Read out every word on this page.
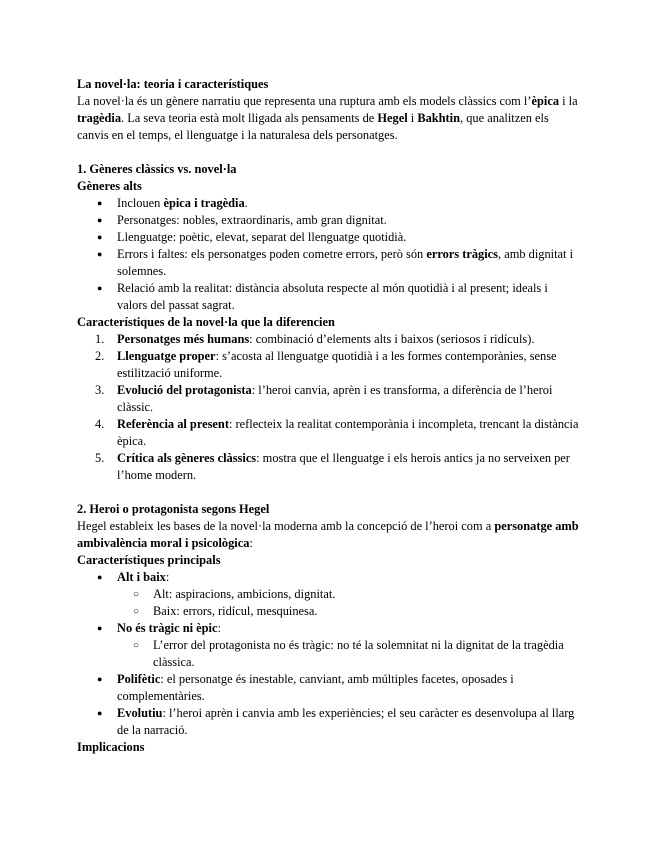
La novel·la: teoria i característiques

La novel·la és un gènere narratiu que representa una ruptura amb els models clàssics com l’èpica i la tragèdia. La seva teoria està molt lligada als pensaments de Hegel i Bakhtin, que analitzen els canvis en el temps, el llenguatge i la naturalesa dels personatges.

1. Gèneres clàssics vs. novel·la
Gèneres alts
● Inclouen èpica i tragèdia.
● Personatges: nobles, extraordinaris, amb gran dignitat.
● Llenguatge: poètic, elevat, separat del llenguatge quotidià.
● Errors i faltes: els personatges poden cometre errors, però són errors tràgics, amb dignitat i solemnes.
● Relació amb la realitat: distància absoluta respecte al món quotidià i al present; ideals i valors del passat sagrat.
Característiques de la novel·la que la diferencien
1. Personatges més humans: combinació d’elements alts i baixos (seriosos i ridículs).
2. Llenguatge proper: s’acosta al llenguatge quotidià i a les formes contemporànies, sense estilització uniforme.
3. Evolució del protagonista: l’heroi canvia, aprèn i es transforma, a diferència de l’heroi clàssic.
4. Referència al present: reflecteix la realitat contemporània i incompleta, trencant la distància èpica.
5. Crítica als gèneres clàssics: mostra que el llenguatge i els herois antics ja no serveixen per l’home modern.
2. Heroi o protagonista segons Hegel

Hegel estableix les bases de la novel·la moderna amb la concepció de l’heroi com a personatge amb ambivalència moral i psicològica:

Característiques principals
● Alt i baix:
○ Alt: aspiracions, ambicions, dignitat.
○ Baix: errors, ridícul, mesquinesa.
● No és tràgic ni èpic:
○ L’error del protagonista no és tràgic: no té la solemnitat ni la dignitat de la tragèdia clàssica.
● Polifètic: el personatge és inestable, canviant, amb múltiples facetes, oposades i complementàries.
● Evolutiu: l’heroi aprèn i canvia amb les experiències; el seu caràcter es desenvolupa al llarg de la narració.
Implicacions
